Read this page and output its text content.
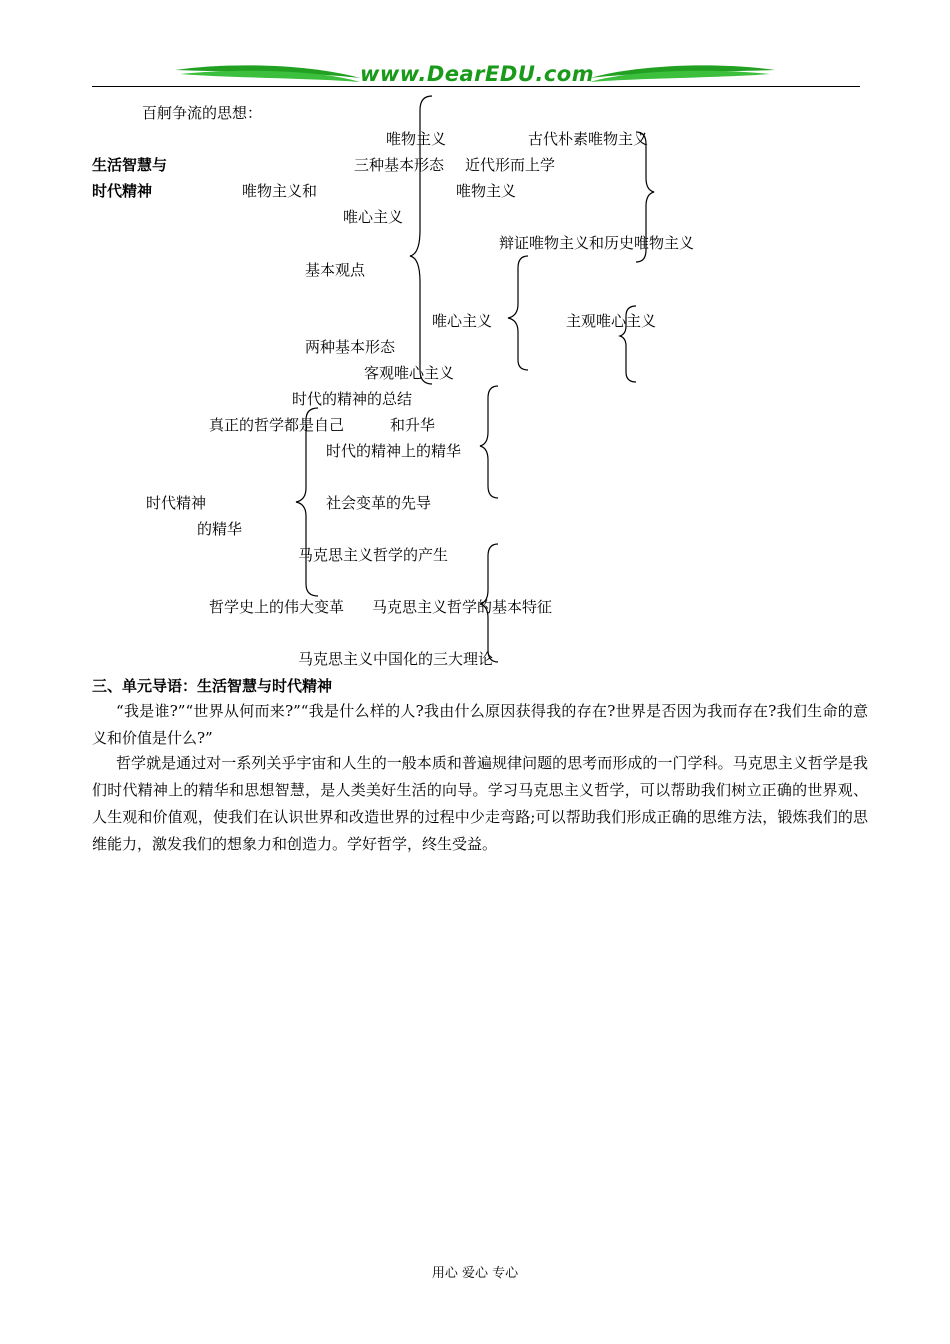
www.DearEDU.com
百舸争流的思想：
唯物主义	古代朴素唯物主义
生活智慧与	三种基本形态 近代形而上学
时代精神	唯物主义和	唯物主义
唯心主义
辩证唯物主义和历史唯物主义
基本观点
唯心主义	主观唯心主义
两种基本形态
客观唯心主义
时代的精神的总结
真正的哲学都是自己	和升华
时代的精神上的精华
时代精神	社会变革的先导
的精华
马克思主义哲学的产生
哲学史上的伟大变革 马克思主义哲学的基本特征
马克思主义中国化的三大理论
三、单元导语：生活智慧与时代精神
“我是谁?”“世界从何而来?”“我是什么样的人?我由什么原因获得我的存在?世界是否因为我而存在?我们生命的意义和价值是什么?”
哲学就是通过对一系列关乎宇宙和人生的一般本质和普遍规律问题的思考而形成的一门学科。马克思主义哲学是我们时代精神上的精华和思想智慧，是人类美好生活的向导。学习马克思主义哲学，可以帮助我们树立正确的世界观、人生观和价值观，使我们在认识世界和改造世界的过程中少走弯路;可以帮助我们形成正确的思维方法，锻炼我们的思维能力，激发我们的想象力和创造力。学好哲学，终生受益。
用心 爱心 专心
